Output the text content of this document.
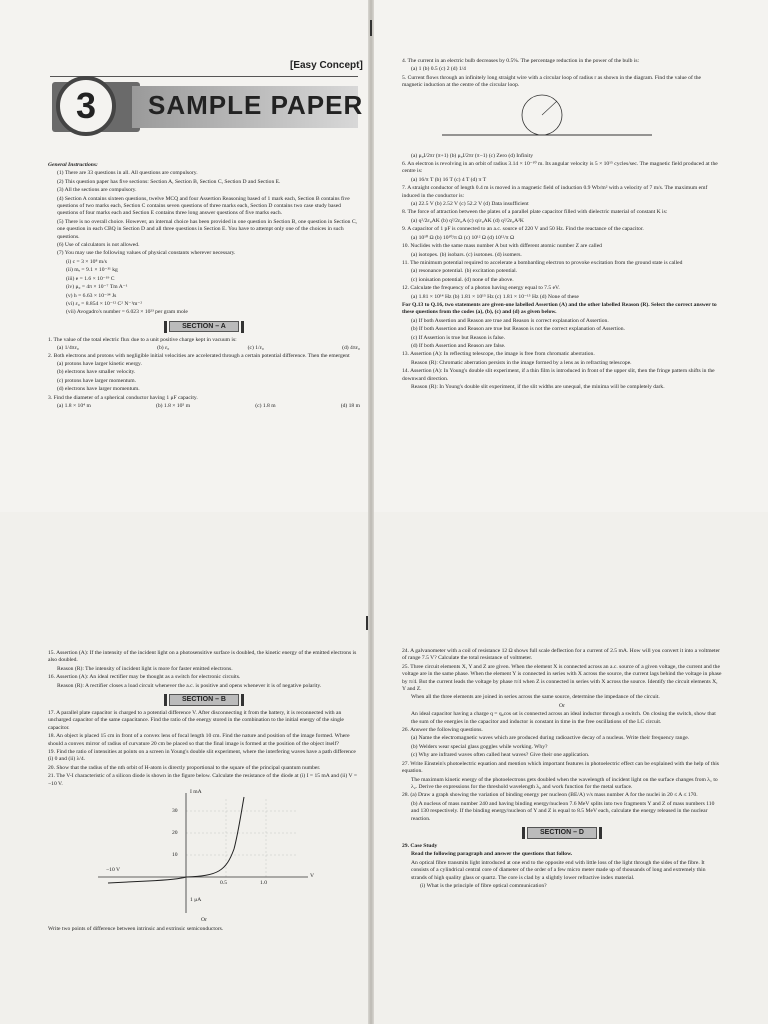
[Easy Concept]
3	SAMPLE PAPER

General Instructions:

(1) There are 33 questions in all. All questions are compulsory.

(2) This question paper has five sections: Section A, Section B, Section C, Section D and Section E.

(3) All the sections are compulsory.

(4) Section A contains sixteen questions, twelve MCQ and four Assertion Reasoning based of 1 mark each, Section B contains five questions of two marks each, Section C contains seven questions of three marks each, Section D contains two case study based questions of four marks each and Section E contains three long answer questions of five marks each.

(5) There is no overall choice. However, an internal choice has been provided in one question in Section B, one question in Section C, one question in each CBQ in Section D and all three questions in Section E. You have to attempt only one of the choices in such questions.

(6) Use of calculators is not allowed.

(7) You may use the following values of physical constants wherever necessary.

(i) c = 3 × 10⁸ m/s

(ii) mₑ = 9.1 × 10⁻³¹ kg

(iii) e = 1.6 × 10⁻¹⁹ C

(iv) μ₀ = 4π × 10⁻⁷ Tm A⁻¹

(v) h = 6.63 × 10⁻³⁴ Js

(vi) ε₀ = 8.854 × 10⁻¹² C² N⁻¹m⁻²

(vii) Avogadro's number = 6.023 × 10²³ per gram mole

SECTION – A

1. The value of the total electric flux due to a unit positive charge kept in vacuum is:

(a) 1/4πε₀	(b) ε₀	(c) 1/ε₀	(d) 4πε₀

2. Both electrons and protons with negligible initial velocities are accelerated through a certain potential difference. Then the emergent

(a) protons have larger kinetic energy.

(b) electrons have smaller velocity.

(c) protons have larger momentum.

(d) electrons have larger momentum.

3. Find the diameter of a spherical conductor having 1 μF capacity.

(a) 1.8 × 10⁴ m	(b) 1.8 × 10⁵ m	(c) 1.8 m	(d) 18 m

4. The current in an electric bulb decreases by 0.5%. The percentage reduction in the power of the bulb is:

(a) 1 (b) 0.5 (c) 2 (d) 1/4

5. Current flows through an infinitely long straight wire with a circular loop of radius r as shown in the diagram. Find the value of the magnetic induction at the centre of the circular loop.

(a) μ₀I/2πr (π+1) (b) μ₀I/2πr (π−1) (c) Zero (d) Infinity

6. An electron is revolving in an orbit of radius 3.14 × 10⁻¹⁰ m. Its angular velocity is 5 × 10¹⁵ cycles/sec. The magnetic field produced at the centre is:

(a) 16/π T (b) 16 T (c) 4 T (d) π T

7. A straight conductor of length 0.4 m is moved in a magnetic field of induction 0.9 Wb/m² with a velocity of 7 m/s. The maximum emf induced in the conductor is:

(a) 22.5 V (b) 2.52 V (c) 52.2 V (d) Data insufficient

8. The force of attraction between the plates of a parallel plate capacitor filled with dielectric material of constant K is:

(a) q²/2ε₀AK (b) q²/2ε₀A (c) q/ε₀AK (d) q²/2ε₀A²K

9. A capacitor of 1 pF is connected to an a.c. source of 220 V and 50 Hz. Find the reactance of the capacitor.

(a) 10¹⁰ Ω (b) 10¹⁰/π Ω (c) 10¹² Ω (d) 10¹²/π Ω

10. Nuclides with the same mass number A but with different atomic number Z are called

(a) isotopes. (b) isobars. (c) isotones. (d) isomers.

11. The minimum potential required to accelerate a bombarding electron to provoke excitation from the ground state is called

(a) resonance potential. (b) excitation potential.

(c) ionisation potential. (d) none of the above.

12. Calculate the frequency of a photon having energy equal to 7.5 eV.

(a) 1.81 × 10¹⁴ Hz (b) 1.81 × 10¹⁵ Hz (c) 1.81 × 10⁻¹⁵ Hz (d) None of these

For Q.13 to Q.16, two statements are given-one labelled Assertion (A) and the other labelled Reason (R). Select the correct answer to these questions from the codes (a), (b), (c) and (d) as given below.

(a) If both Assertion and Reason are true and Reason is correct explanation of Assertion.

(b) If both Assertion and Reason are true but Reason is not the correct explanation of Assertion.

(c) If Assertion is true but Reason is false.

(d) If both Assertion and Reason are false.

13. Assertion (A): In reflecting telescope, the image is free from chromatic aberration.

Reason (R): Chromatic aberration persists in the image formed by a lens as in refracting telescope.

14. Assertion (A): In Young's double slit experiment, if a thin film is introduced in front of the upper slit, then the fringe pattern shifts in the downward direction.

Reason (R): In Young's double slit experiment, if the slit widths are unequal, the minima will be completely dark.

15. Assertion (A): If the intensity of the incident light on a photosensitive surface is doubled, the kinetic energy of the emitted electrons is also doubled.

Reason (R): The intensity of incident light is more for faster emitted electrons.

16. Assertion (A): An ideal rectifier may be thought as a switch for electronic circuits.

Reason (R): A rectifier closes a load circuit whenever the a.c. is positive and opens whenever it is of negative polarity.

SECTION – B

17. A parallel plate capacitor is charged to a potential difference V. After disconnecting it from the battery, it is reconnected with an uncharged capacitor of the same capacitance. Find the ratio of the energy stored in the combination to the initial energy of the single capacitor.

18. An object is placed 15 cm in front of a convex lens of focal length 10 cm. Find the nature and position of the image formed. Where should a convex mirror of radius of curvature 20 cm be placed so that the final image is formed at the position of the object itself?

19. Find the ratio of intensities at points on a screen in Young's double slit experiment, where the interfering waves have a path difference (i) 0 and (ii) λ/4.

20. Show that the radius of the nth orbit of H-atom is directly proportional to the square of the principal quantum number.

21. The V-I characteristic of a silicon diode is shown in the figure below. Calculate the resistance of the diode at (i) I = 15 mA and (ii) V = −10 V.

I mA
30
20
10
−10 V
0.5	1.0
V
1 μA

Or

Write two points of difference between intrinsic and extrinsic semiconductors.

24. A galvanometer with a coil of resistance 12 Ω shows full scale deflection for a current of 2.5 mA. How will you convert it into a voltmeter of range 7.5 V? Calculate the total resistance of voltmeter.

25. Three circuit elements X, Y and Z are given. When the element X is connected across an a.c. source of a given voltage, the current and the voltage are in the same phase. When the element Y is connected in series with X across the source, the current lags behind the voltage in phase by π/4. But the current leads the voltage by phase π/4 when Z is connected in series with X across the source. Identify the circuit elements X, Y and Z.

When all the three elements are joined in series across the same source, determine the impedance of the circuit.

Or

An ideal capacitor having a charge q = q₀cos ωt is connected across an ideal inductor through a switch. On closing the switch, show that the sum of the energies in the capacitor and inductor is constant in time in the free oscillations of the LC circuit.

26. Answer the following questions.

(a) Name the electromagnetic waves which are produced during radioactive decay of a nucleus. Write their frequency range.

(b) Welders wear special glass goggles while working. Why?

(c) Why are infrared waves often called heat waves? Give their one application.

27. Write Einstein's photoelectric equation and mention which important features in photoelectric effect can be explained with the help of this equation.

The maximum kinetic energy of the photoelectrons gets doubled when the wavelength of incident light on the surface changes from λ₁ to λ₂. Derive the expressions for the threshold wavelength λ₀ and work function for the metal surface.

28. (a) Draw a graph showing the variation of binding energy per nucleon (BE/A) v/s mass number A for the nuclei in 20 ≤ A ≤ 170.

(b) A nucleus of mass number 240 and having binding energy/nucleon 7.6 MeV splits into two fragments Y and Z of mass numbers 110 and 130 respectively. If the binding energy/nucleon of Y and Z is equal to 8.5 MeV each, calculate the energy released in the nuclear reaction.

SECTION – D

29. Case Study

Read the following paragraph and answer the questions that follow.

An optical fibre transmits light introduced at one end to the opposite end with little loss of the light through the sides of the fibre. It consists of a cylindrical central core of diameter of the order of a few micro meter made up of thousands of long and extremely thin strands of high quality glass or quartz. The core is clad by a slightly lower refractive index material.

(i) What is the principle of fibre optical communication?
